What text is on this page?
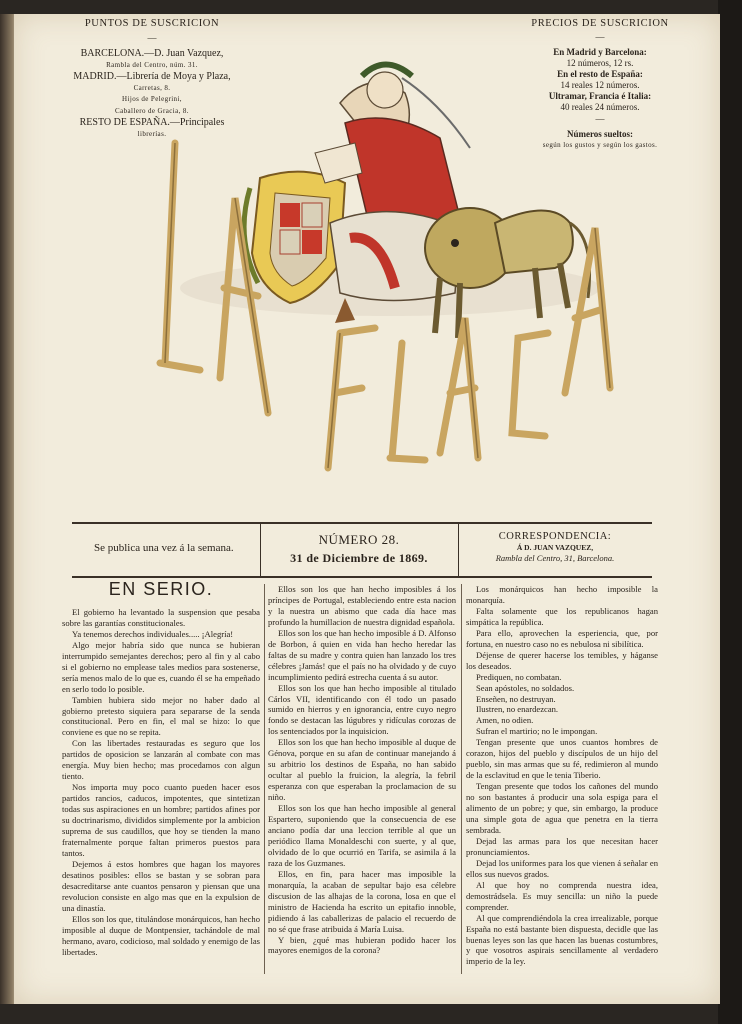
PUNTOS DE SUSCRICION
—
BARCELONA.—D. Juan Vazquez,
Rambla del Centro, núm. 31.
MADRID.—Librería de Moya y Plaza,
Carretas, 8.
Hijos de Pelegrini,
Caballero de Gracia, 8.
RESTO DE ESPAÑA.—Principales
librerías.
PRECIOS DE SUSCRICION
—
En Madrid y Barcelona:
12 números, 12 rs.
En el resto de España:
14 reales 12 números.
Ultramar, Francia é Italia:
40 reales 24 números.
—
Números sueltos:
según los gustos y según los gastos.
LA FLACA
Se publica una vez á la semana.
NÚMERO 28.
31 de Diciembre de 1869.
CORRESPONDENCIA:
Á D. JUAN VAZQUEZ,
Rambla del Centro, 31, Barcelona.
EN SERIO.

El gobierno ha levantado la suspension que pesaba sobre las garantías constitucionales.

Ya tenemos derechos individuales..... ¡Alegría!

Algo mejor habría sido que nunca se hubieran interrumpido semejantes derechos; pero al fin y al cabo si el gobierno no emplease tales medios para sostenerse, sería menos malo de lo que es, cuando él se ha empeñado en serlo todo lo posible.

Tambien hubiera sido mejor no haber dado al gobierno pretesto siquiera para separarse de la senda constitucional. Pero en fin, el mal se hizo: lo que conviene es que no se repita.

Con las libertades restauradas es seguro que los partidos de oposicion se lanzarán al combate con mas energía. Muy bien hecho; mas procedamos con algun tiento.

Nos importa muy poco cuanto pueden hacer esos partidos rancios, caducos, impotentes, que sintetizan todas sus aspiraciones en un hombre; partidos afines por su doctrinarismo, divididos simplemente por la ambicion suprema de sus caudillos, que hoy se tienden la mano fraternalmente porque faltan primeros puestos para tantos.

Dejemos á estos hombres que hagan los mayores desatinos posibles: ellos se bastan y se sobran para desacreditarse ante cuantos pensaron y piensan que una revolucion consiste en algo mas que en la expulsion de una dinastía.

Ellos son los que, titulándose monárquicos, han hecho imposible al duque de Montpensier, tachándole de mal hermano, avaro, codicioso, mal soldado y enemigo de las libertades.

Ellos son los que han hecho imposibles á los príncipes de Portugal, estableciendo entre esta nacion y la nuestra un abismo que cada día hace mas profundo la humillacion de nuestra dignidad española.

Ellos son los que han hecho imposible á D. Alfonso de Borbon, á quien en vida han hecho heredar las faltas de su madre y contra quien han lanzado los tres célebres ¡Jamás! que el país no ha olvidado y de cuyo incumplimiento pedirá estrecha cuenta á su autor.

Ellos son los que han hecho imposible al titulado Cárlos VII, identificando con él todo un pasado sumido en hierros y en ignorancia, entre cuyo negro fondo se destacan las lúgubres y ridículas corozas de los sentenciados por la inquisicion.

Ellos son los que han hecho imposible al duque de Génova, porque en su afan de continuar manejando á su arbitrio los destinos de España, no han sabido ocultar al pueblo la fruicion, la alegría, la febril esperanza con que esperaban la proclamacion de su niño.

Ellos son los que han hecho imposible al general Espartero, suponiendo que la consecuencia de ese anciano podía dar una leccion terrible al que un periódico llama Monaldeschi con suerte, y al que, olvidado de lo que ocurrió en Tarifa, se asimila á la raza de los Guzmanes.

Ellos, en fin, para hacer mas imposible la monarquía, la acaban de sepultar bajo esa célebre discusion de las alhajas de la corona, losa en que el ministro de Hacienda ha escrito un epitafio innoble, pidiendo á las caballerizas de palacio el recuerdo de no sé que frase atribuida á María Luisa.

Y bien, ¿qué mas hubieran podido hacer los mayores enemigos de la corona?

Los monárquicos han hecho imposible la monarquía.

Falta solamente que los republicanos hagan simpática la república.

Para ello, aprovechen la esperiencia, que, por fortuna, en nuestro caso no es nebulosa ni sibilítica.

Déjense de querer hacerse los temibles, y háganse los deseados.

Prediquen, no combatan.

Sean apóstoles, no soldados.

Enseñen, no destruyan.

Ilustren, no enardezcan.

Amen, no odien.

Sufran el martirio; no le impongan.

Tengan presente que unos cuantos hombres de corazon, hijos del pueblo y discípulos de un hijo del pueblo, sin mas armas que su fé, redimieron al mundo de la esclavitud en que le tenia Tiberio.

Tengan presente que todos los cañones del mundo no son bastantes á producir una sola espiga para el alimento de un pobre; y que, sin embargo, la produce una simple gota de agua que penetra en la tierra sembrada.

Dejad las armas para los que necesitan hacer pronunciamientos.

Dejad los uniformes para los que vienen á señalar en ellos sus nuevos grados.

Al que hoy no comprenda nuestra idea, demostrádsela. Es muy sencilla: un niño la puede comprender.

Al que comprendiéndola la crea irrealizable, porque España no está bastante bien dispuesta, decidle que las buenas leyes son las que hacen las buenas costumbres, y que vosotros aspirais sencillamente al verdadero imperio de la ley.
